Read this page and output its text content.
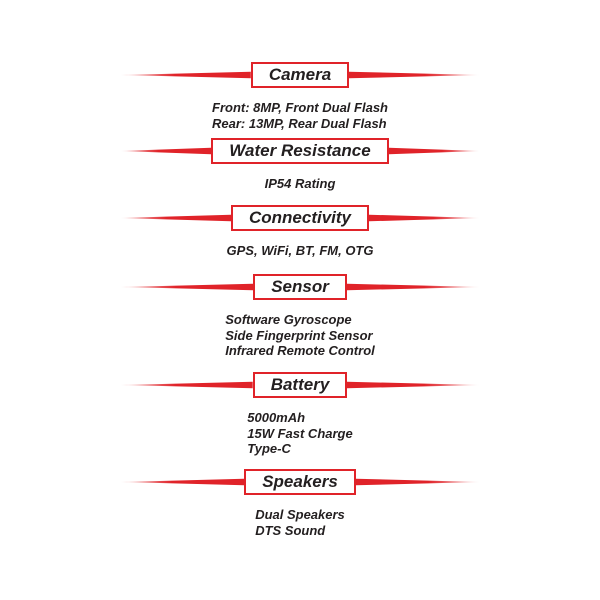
Camera
Front: 8MP, Front Dual Flash
Rear: 13MP, Rear Dual Flash
Water Resistance
IP54 Rating
Connectivity
GPS, WiFi, BT, FM, OTG
Sensor
Software Gyroscope
Side Fingerprint Sensor
Infrared Remote Control
Battery
5000mAh
15W Fast Charge
Type-C
Speakers
Dual Speakers
DTS Sound
